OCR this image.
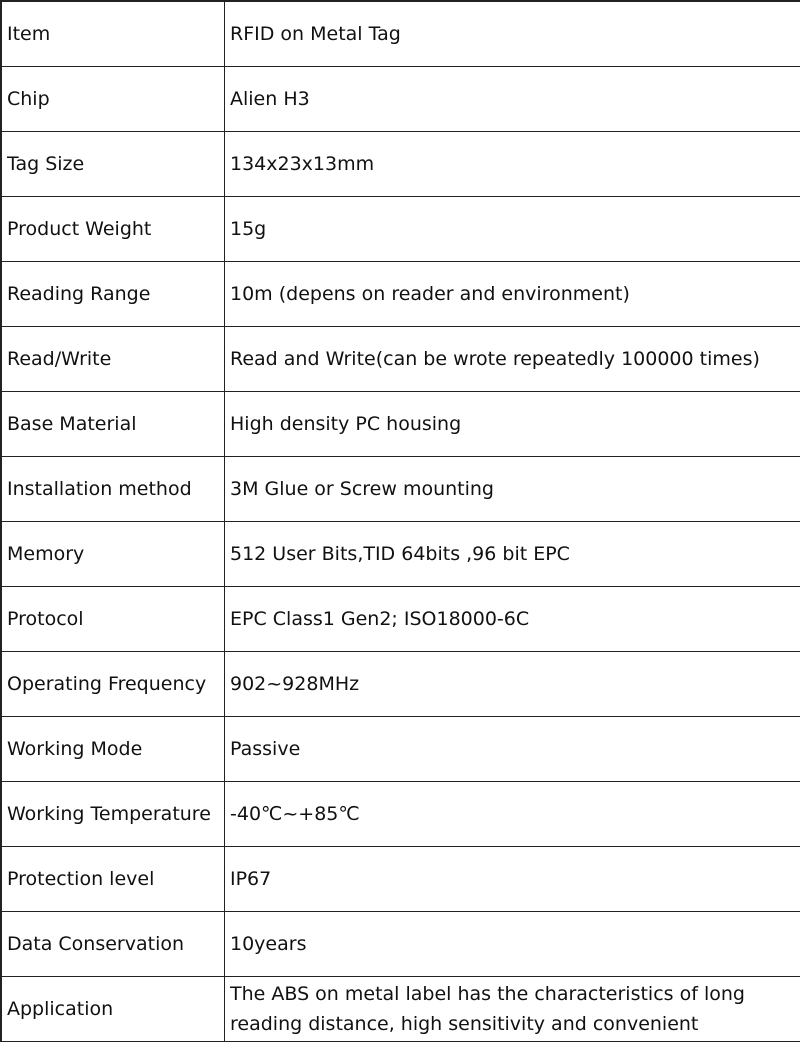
Item	RFID on Metal Tag
Chip	Alien H3
Tag Size	134x23x13mm
Product Weight	15g
Reading Range	10m (depens on reader and environment)
Read/Write	Read and Write(can be wrote repeatedly 100000 times)
Base Material	High density PC housing
Installation method	3M Glue or Screw mounting
Memory	512 User Bits,TID 64bits ,96 bit EPC
Protocol	EPC Class1 Gen2; ISO18000-6C
Operating Frequency	902~928MHz
Working Mode	Passive
Working Temperature	-40℃~+85℃
Protection level	IP67
Data Conservation	10years
Application	The ABS on metal label has the characteristics of long reading distance, high sensitivity and convenient
